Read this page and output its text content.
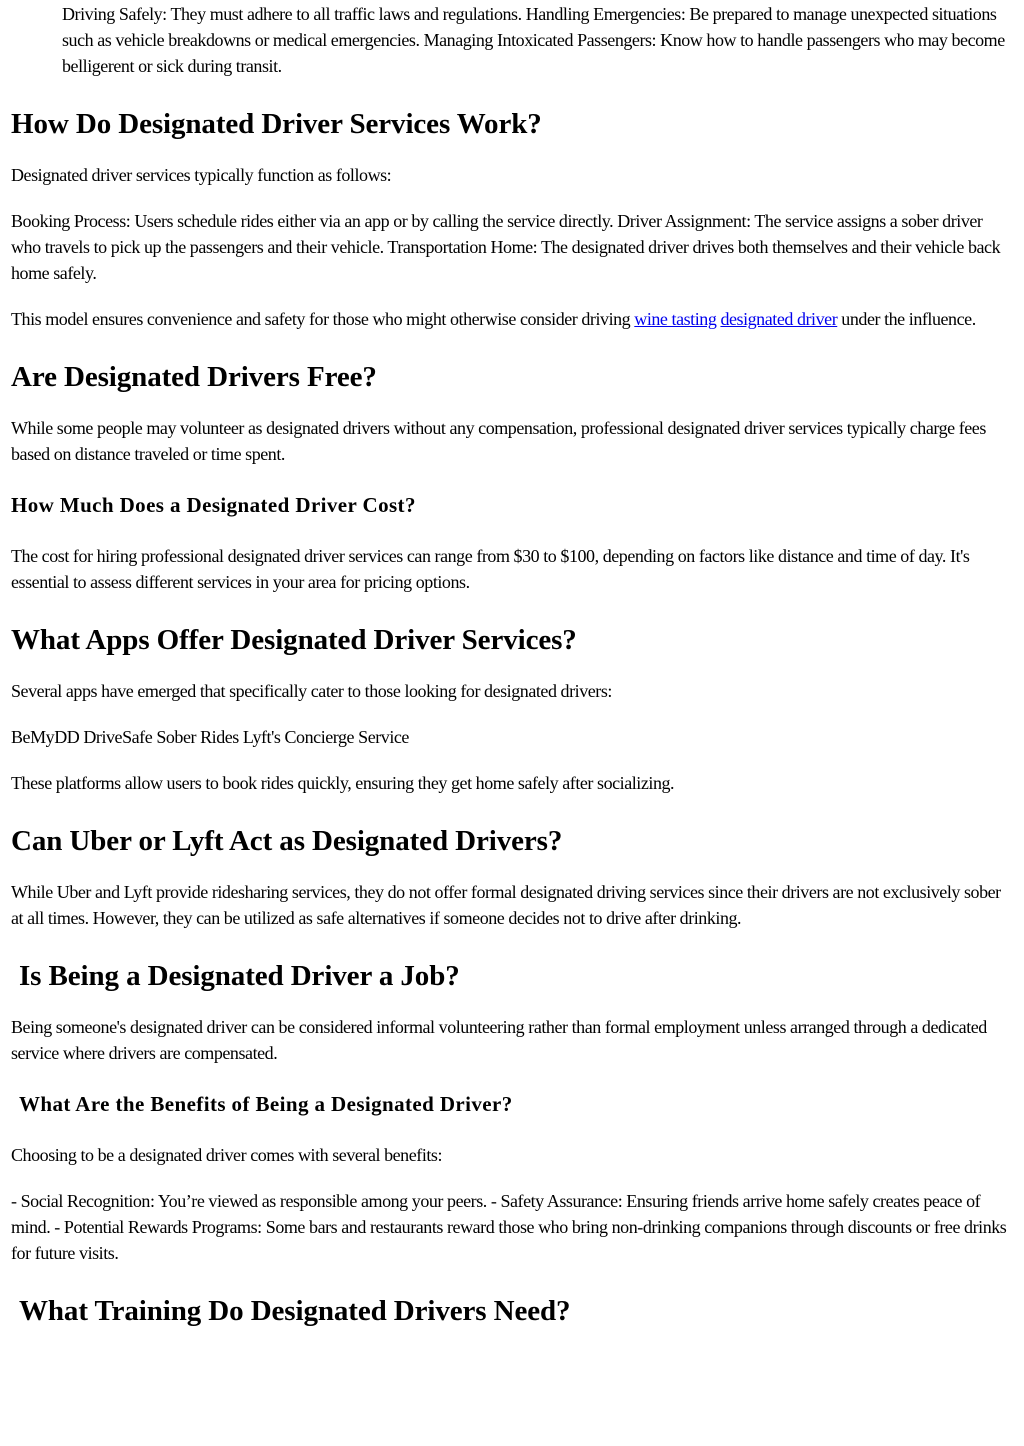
Driving Safely: They must adhere to all traffic laws and regulations. Handling Emergencies: Be prepared to manage unexpected situations such as vehicle breakdowns or medical emergencies. Managing Intoxicated Passengers: Know how to handle passengers who may become belligerent or sick during transit.

How Do Designated Driver Services Work?

Designated driver services typically function as follows:

Booking Process: Users schedule rides either via an app or by calling the service directly. Driver Assignment: The service assigns a sober driver who travels to pick up the passengers and their vehicle. Transportation Home: The designated driver drives both themselves and their vehicle back home safely.

This model ensures convenience and safety for those who might otherwise consider driving wine tasting designated driver under the influence.

Are Designated Drivers Free?

While some people may volunteer as designated drivers without any compensation, professional designated driver services typically charge fees based on distance traveled or time spent.

How Much Does a Designated Driver Cost?

The cost for hiring professional designated driver services can range from $30 to $100, depending on factors like distance and time of day. It's essential to assess different services in your area for pricing options.

What Apps Offer Designated Driver Services?

Several apps have emerged that specifically cater to those looking for designated drivers:

BeMyDD DriveSafe Sober Rides Lyft's Concierge Service

These platforms allow users to book rides quickly, ensuring they get home safely after socializing.

Can Uber or Lyft Act as Designated Drivers?

While Uber and Lyft provide ridesharing services, they do not offer formal designated driving services since their drivers are not exclusively sober at all times. However, they can be utilized as safe alternatives if someone decides not to drive after drinking.

Is Being a Designated Driver a Job?

Being someone's designated driver can be considered informal volunteering rather than formal employment unless arranged through a dedicated service where drivers are compensated.

What Are the Benefits of Being a Designated Driver?

Choosing to be a designated driver comes with several benefits:

- Social Recognition: You’re viewed as responsible among your peers. - Safety Assurance: Ensuring friends arrive home safely creates peace of mind. - Potential Rewards Programs: Some bars and restaurants reward those who bring non-drinking companions through discounts or free drinks for future visits.

What Training Do Designated Drivers Need?
